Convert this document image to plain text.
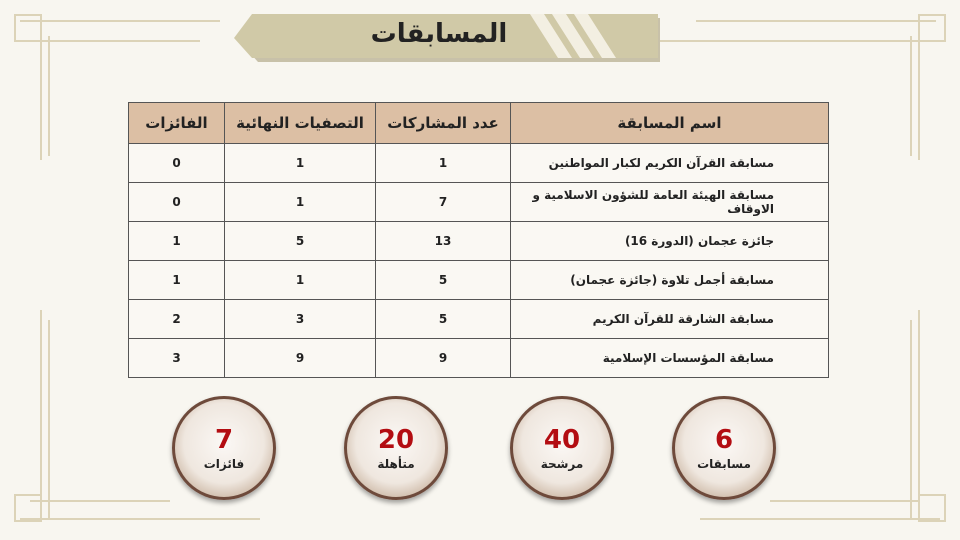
المسابقات
اسم المسابقة	عدد المشاركات	التصفيات النهائية	الفائزات
مسابقة القرآن الكريم لكبار المواطنين	1	1	0
مسابقة الهيئة العامة للشؤون الاسلامية و الاوقاف	7	1	0
جائزة عجمان (الدورة 16)	13	5	1
مسابقة أجمل تلاوة (جائزة عجمان)	5	1	1
مسابقة الشارقة للقرآن الكريم	5	3	2
مسابقة المؤسسات الإسلامية	9	9	3
7
فائزات
20
متأهلة
40
مرشحة
6
مسابقات
